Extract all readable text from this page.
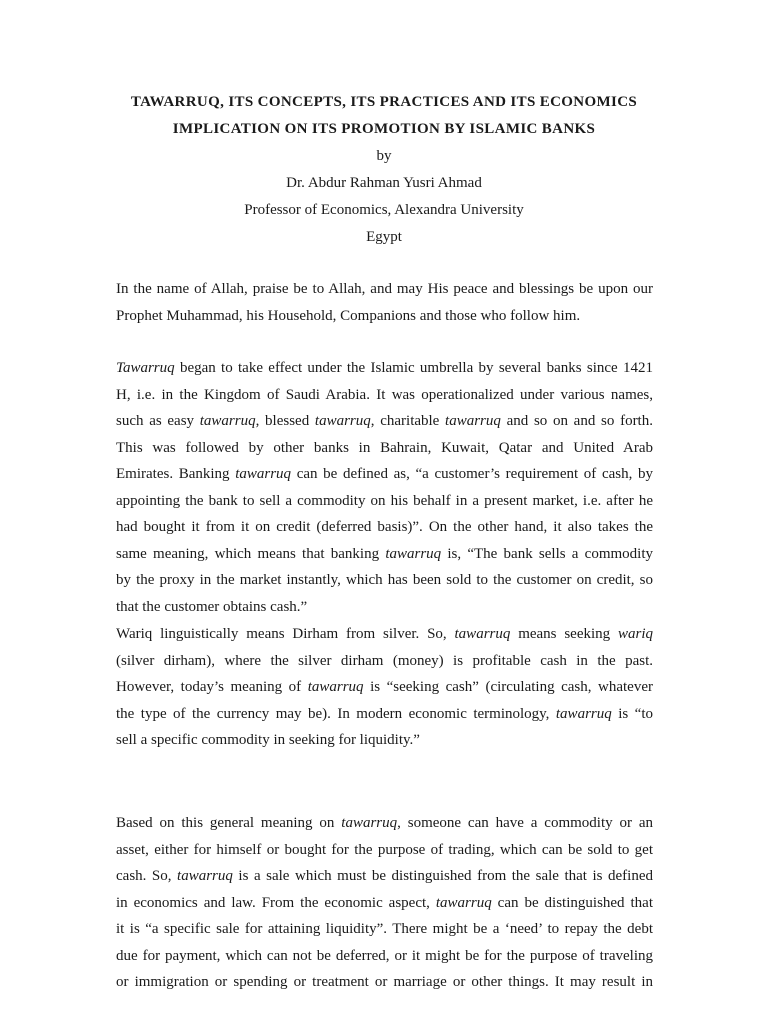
TAWARRUQ, ITS CONCEPTS, ITS PRACTICES AND ITS ECONOMICS
IMPLICATION ON ITS PROMOTION BY ISLAMIC BANKS
by
Dr. Abdur Rahman Yusri Ahmad
Professor of Economics, Alexandra University
Egypt
In the name of Allah, praise be to Allah, and may His peace and blessings be upon our
Prophet Muhammad, his Household, Companions and those who follow him.
Tawarruq began to take effect under the Islamic umbrella by several banks since 1421
H, i.e. in the Kingdom of Saudi Arabia. It was operationalized under various names,
such as easy tawarruq, blessed tawarruq, charitable tawarruq and so on and so forth.
This was followed by other banks in Bahrain, Kuwait, Qatar and United Arab
Emirates. Banking tawarruq can be defined as, “a customer’s requirement of cash, by
appointing the bank to sell a commodity on his behalf in a present market, i.e. after he
had bought it from it on credit (deferred basis)”. On the other hand, it also takes the
same meaning, which means that banking tawarruq is, “The bank sells a commodity
by the proxy in the market instantly, which has been sold to the customer on credit, so
that the customer obtains cash.”
Wariq linguistically means Dirham from silver. So, tawarruq means seeking wariq
(silver dirham), where the silver dirham (money) is profitable cash in the past.
However, today’s meaning of tawarruq is “seeking cash” (circulating cash, whatever
the type of the currency may be). In modern economic terminology, tawarruq is “to
sell a specific commodity in seeking for liquidity.”
Based on this general meaning on tawarruq, someone can have a commodity or an
asset, either for himself or bought for the purpose of trading, which can be sold to get
cash. So, tawarruq is a sale which must be distinguished from the sale that is defined
in economics and law. From the economic aspect, tawarruq can be distinguished that
it is “a specific sale for attaining liquidity”. There might be a ‘need’ to repay the debt
due for payment, which can not be deferred, or it might be for the purpose of traveling
or immigration or spending or treatment or marriage or other things. It may result in
